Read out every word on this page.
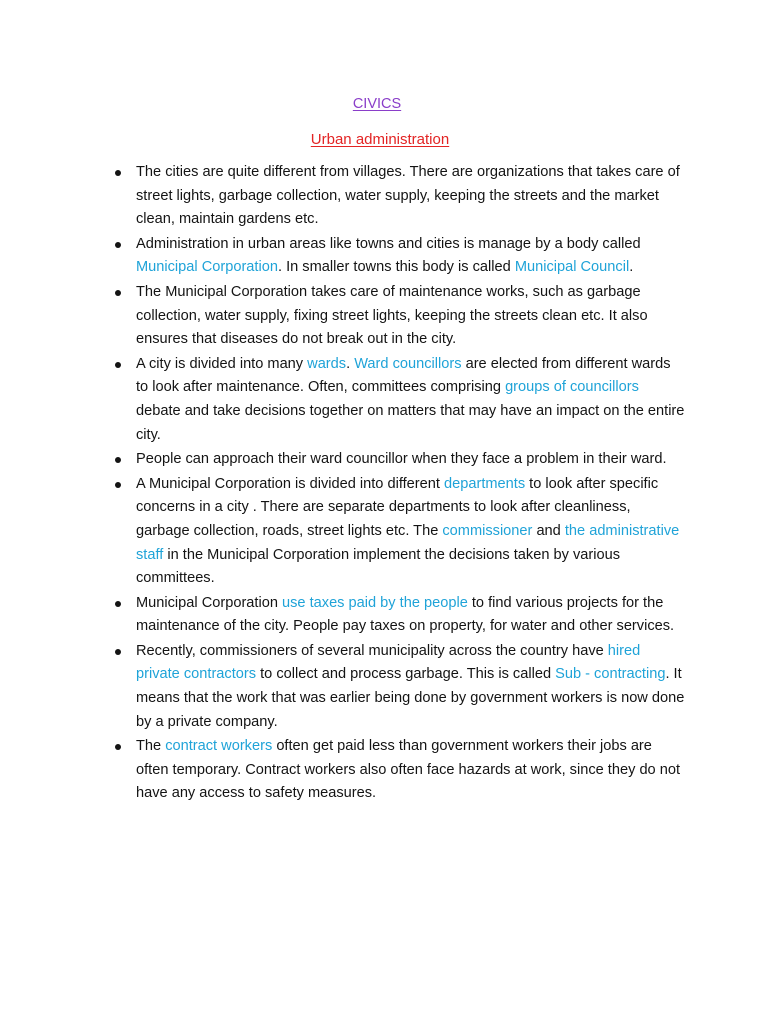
CIVICS
Urban administration
The cities are quite different from villages. There are organizations that takes care of street lights, garbage collection, water supply, keeping the streets and the market clean, maintain gardens etc.
Administration in urban areas like towns and cities is manage by a body called Municipal Corporation. In smaller towns this body is called Municipal Council.
The Municipal Corporation takes care of maintenance works, such as garbage collection, water supply, fixing street lights, keeping the streets clean etc. It also ensures that diseases do not break out in the city.
A city is divided into many wards. Ward councillors are elected from different wards to look after maintenance. Often, committees comprising groups of councillors debate and take decisions together on matters that may have an impact on the entire city.
People can approach their ward councillor when they face a problem in their ward.
A Municipal Corporation is divided into different departments to look after specific concerns in a city . There are separate departments to look after cleanliness, garbage collection, roads, street lights etc. The commissioner and the administrative staff in the Municipal Corporation implement the decisions taken by various committees.
Municipal Corporation use taxes paid by the people to find various projects for the maintenance of the city. People pay taxes on property, for water and other services.
Recently, commissioners of several municipality across the country have hired private contractors to collect and process garbage. This is called Sub - contracting. It means that the work that was earlier being done by government workers is now done by a private company.
The contract workers often get paid less than government workers their jobs are often temporary. Contract workers also often face hazards at work, since they do not have any access to safety measures.
